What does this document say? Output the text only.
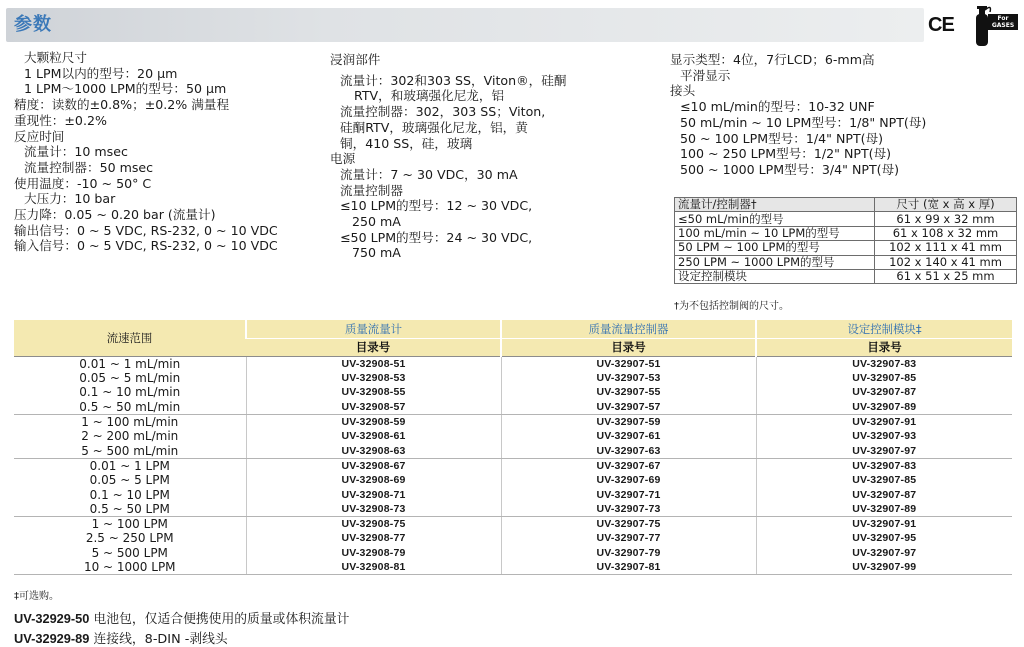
参数	CE	For GASES
大颗粒尺寸
1 LPM以内的型号：20 μm
1 LPM～1000 LPM的型号：50 μm
精度：读数的±0.8%；±0.2% 满量程
重现性：±0.2%
反应时间
流量计：10 msec
流量控制器：50 msec
使用温度：-10 ~ 50° C
大压力：10 bar
压力降：0.05 ~ 0.20 bar (流量计)
输出信号：0 ~ 5 VDC, RS-232, 0 ~ 10 VDC
输入信号：0 ~ 5 VDC, RS-232, 0 ~ 10 VDC
浸润部件
流量计：302和303 SS，Viton®，硅酮
RTV，和玻璃强化尼龙，铝
流量控制器：302，303 SS；Viton,
硅酮RTV，玻璃强化尼龙，铝，黄
铜，410 SS，硅，玻璃
电源
流量计：7 ~ 30 VDC，30 mA
流量控制器
≤10 LPM的型号：12 ~ 30 VDC,
250 mA
≤50 LPM的型号：24 ~ 30 VDC,
750 mA
显示类型：4位，7行LCD；6-mm高
平滑显示
接头
≤10 mL/min的型号：10-32 UNF
50 mL/min ~ 10 LPM型号：1/8" NPT(母)
50 ~ 100 LPM型号：1/4" NPT(母)
100 ~ 250 LPM型号：1/2" NPT(母)
500 ~ 1000 LPM型号：3/4" NPT(母)
流量计/控制器†	尺寸 (宽 x 高 x 厚)
≤50 mL/min的型号	61 x 99 x 32 mm
100 mL/min ~ 10 LPM的型号	61 x 108 x 32 mm
50 LPM ~ 100 LPM的型号	102 x 111 x 41 mm
250 LPM ~ 1000 LPM的型号	102 x 140 x 41 mm
设定控制模块	61 x 51 x 25 mm
†为不包括控制阀的尺寸。
流速范围	质量流量计	质量流量控制器	设定控制模块‡
	目录号	目录号	目录号
0.01 ~ 1 mL/min	UV-32908-51	UV-32907-51	UV-32907-83
0.05 ~ 5 mL/min	UV-32908-53	UV-32907-53	UV-32907-85
0.1 ~ 10 mL/min	UV-32908-55	UV-32907-55	UV-32907-87
0.5 ~ 50 mL/min	UV-32908-57	UV-32907-57	UV-32907-89
1 ~ 100 mL/min	UV-32908-59	UV-32907-59	UV-32907-91
2 ~ 200 mL/min	UV-32908-61	UV-32907-61	UV-32907-93
5 ~ 500 mL/min	UV-32908-63	UV-32907-63	UV-32907-97
0.01 ~ 1 LPM	UV-32908-67	UV-32907-67	UV-32907-83
0.05 ~ 5 LPM	UV-32908-69	UV-32907-69	UV-32907-85
0.1 ~ 10 LPM	UV-32908-71	UV-32907-71	UV-32907-87
0.5 ~ 50 LPM	UV-32908-73	UV-32907-73	UV-32907-89
1 ~ 100 LPM	UV-32908-75	UV-32907-75	UV-32907-91
2.5 ~ 250 LPM	UV-32908-77	UV-32907-77	UV-32907-95
5 ~ 500 LPM	UV-32908-79	UV-32907-79	UV-32907-97
10 ~ 1000 LPM	UV-32908-81	UV-32907-81	UV-32907-99
‡可选购。
UV-32929-50 电池包，仅适合便携使用的质量或体积流量计
UV-32929-89 连接线，8-DIN -剥线头
